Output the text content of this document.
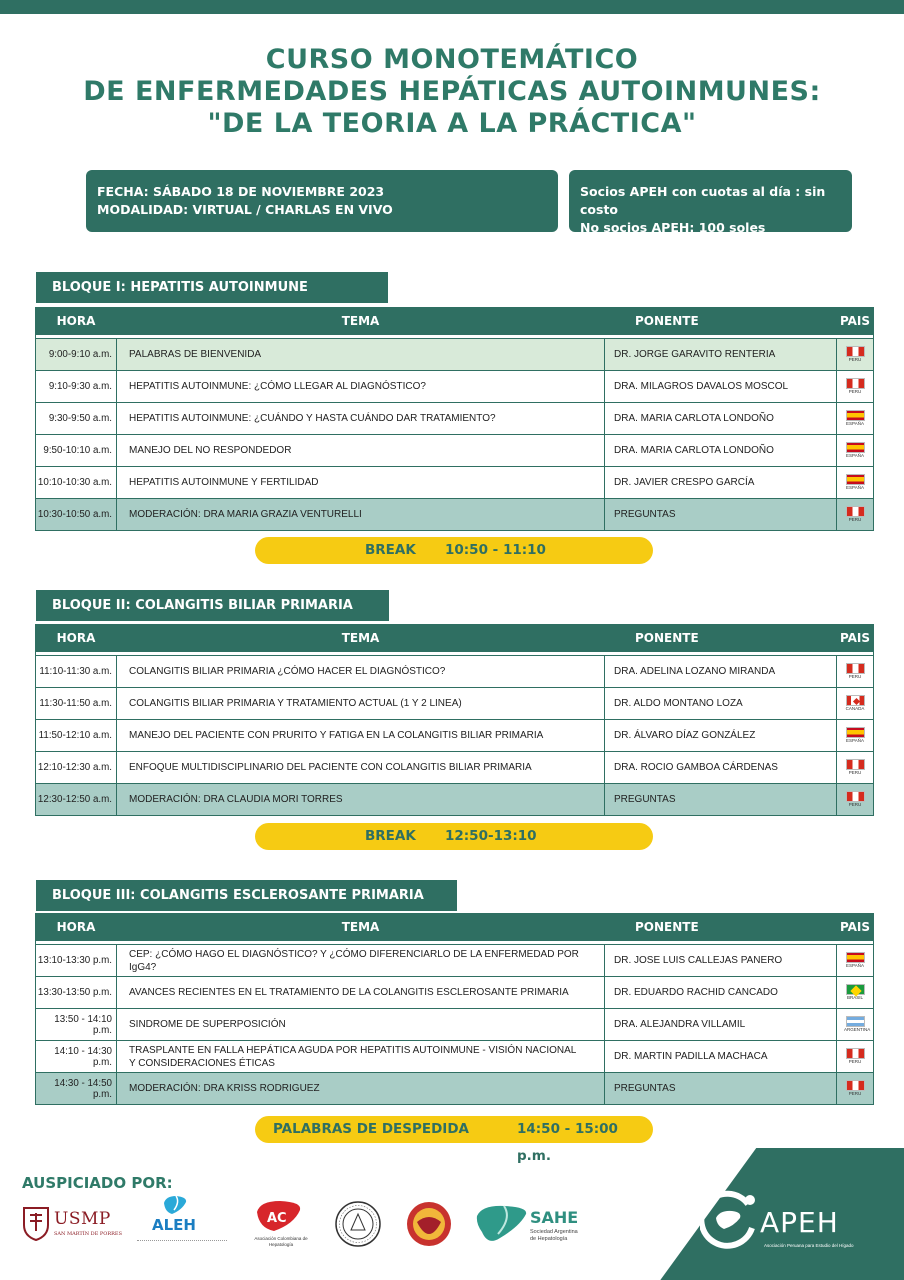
CURSO MONOTEMÁTICO
DE ENFERMEDADES HEPÁTICAS AUTOINMUNES:
"DE LA TEORIA A LA PRÁCTICA"
FECHA: SÁBADO 18 DE NOVIEMBRE 2023
MODALIDAD: VIRTUAL / CHARLAS EN VIVO
Socios APEH con cuotas al día : sin costo
No socios APEH: 100 soles
BLOQUE I: HEPATITIS AUTOINMUNE
HORA	TEMA	PONENTE	PAIS

9:00-9:10 a.m.	PALABRAS DE BIENVENIDA	DR. JORGE GARAVITO RENTERIA	PERU

9:10-9:30 a.m.	HEPATITIS AUTOINMUNE: ¿CÓMO LLEGAR AL DIAGNÓSTICO?	DRA. MILAGROS DAVALOS MOSCOL	PERU

9:30-9:50 a.m.	HEPATITIS AUTOINMUNE: ¿CUÁNDO Y HASTA CUÁNDO DAR TRATAMIENTO?	DRA. MARIA CARLOTA LONDOÑO	ESPAÑA

9:50-10:10 a.m.	MANEJO DEL NO RESPONDEDOR	DRA. MARIA CARLOTA LONDOÑO	ESPAÑA

10:10-10:30 a.m.	HEPATITIS AUTOINMUNE Y FERTILIDAD	DR. JAVIER CRESPO GARCÍA	ESPAÑA

10:30-10:50 a.m.	MODERACIÓN: DRA MARIA GRAZIA VENTURELLI	PREGUNTAS	PERU
BREAK 10:50 - 11:10
BLOQUE II: COLANGITIS BILIAR PRIMARIA
HORA	TEMA	PONENTE	PAIS

11:10-11:30 a.m.	COLANGITIS BILIAR PRIMARIA ¿CÓMO HACER EL DIAGNÓSTICO?	DRA. ADELINA LOZANO MIRANDA	PERU

11:30-11:50 a.m.	COLANGITIS BILIAR PRIMARIA Y TRATAMIENTO ACTUAL (1 Y 2 LINEA)	DR. ALDO MONTANO LOZA	CANADA

11:50-12:10 a.m.	MANEJO DEL PACIENTE CON PRURITO Y FATIGA EN LA COLANGITIS BILIAR PRIMARIA	DR. ÁLVARO DÍAZ GONZÁLEZ	ESPAÑA

12:10-12:30 a.m.	ENFOQUE MULTIDISCIPLINARIO DEL PACIENTE CON COLANGITIS BILIAR PRIMARIA	DRA. ROCIO GAMBOA CÁRDENAS	PERU

12:30-12:50 a.m.	MODERACIÓN: DRA CLAUDIA MORI TORRES	PREGUNTAS	PERU
BREAK 12:50-13:10
BLOQUE III: COLANGITIS ESCLEROSANTE PRIMARIA
HORA	TEMA	PONENTE	PAIS

13:10-13:30 p.m.	CEP: ¿CÓMO HAGO EL DIAGNÓSTICO? Y ¿CÓMO DIFERENCIARLO DE LA ENFERMEDAD POR IgG4?	DR. JOSE LUIS CALLEJAS PANERO	ESPAÑA

13:30-13:50 p.m.	AVANCES RECIENTES EN EL TRATAMIENTO DE LA COLANGITIS ESCLEROSANTE PRIMARIA	DR. EDUARDO RACHID CANCADO	BRASIL

13:50 - 14:10 p.m.	SINDROME DE SUPERPOSICIÓN	DRA. ALEJANDRA VILLAMIL	ARGENTINA

14:10 - 14:30 p.m.	TRASPLANTE EN FALLA HEPÁTICA AGUDA POR HEPATITIS AUTOINMUNE - VISIÓN NACIONAL
Y CONSIDERACIONES ÉTICAS	DR. MARTIN PADILLA MACHACA	PERU

14:30 - 14:50 p.m.	MODERACIÓN: DRA KRISS RODRIGUEZ	PREGUNTAS	PERU
PALABRAS DE DESPEDIDA	14:50 - 15:00 p.m.
AUSPICIADO POR:
USMP
SAN MARTÍN DE PORRES ALEH	AC
Asociación Colombiana de Hepatología
SAHE
Sociedad Argentina
de Hepatología	APEH
Asociación Peruana para Estudio del Hígado
